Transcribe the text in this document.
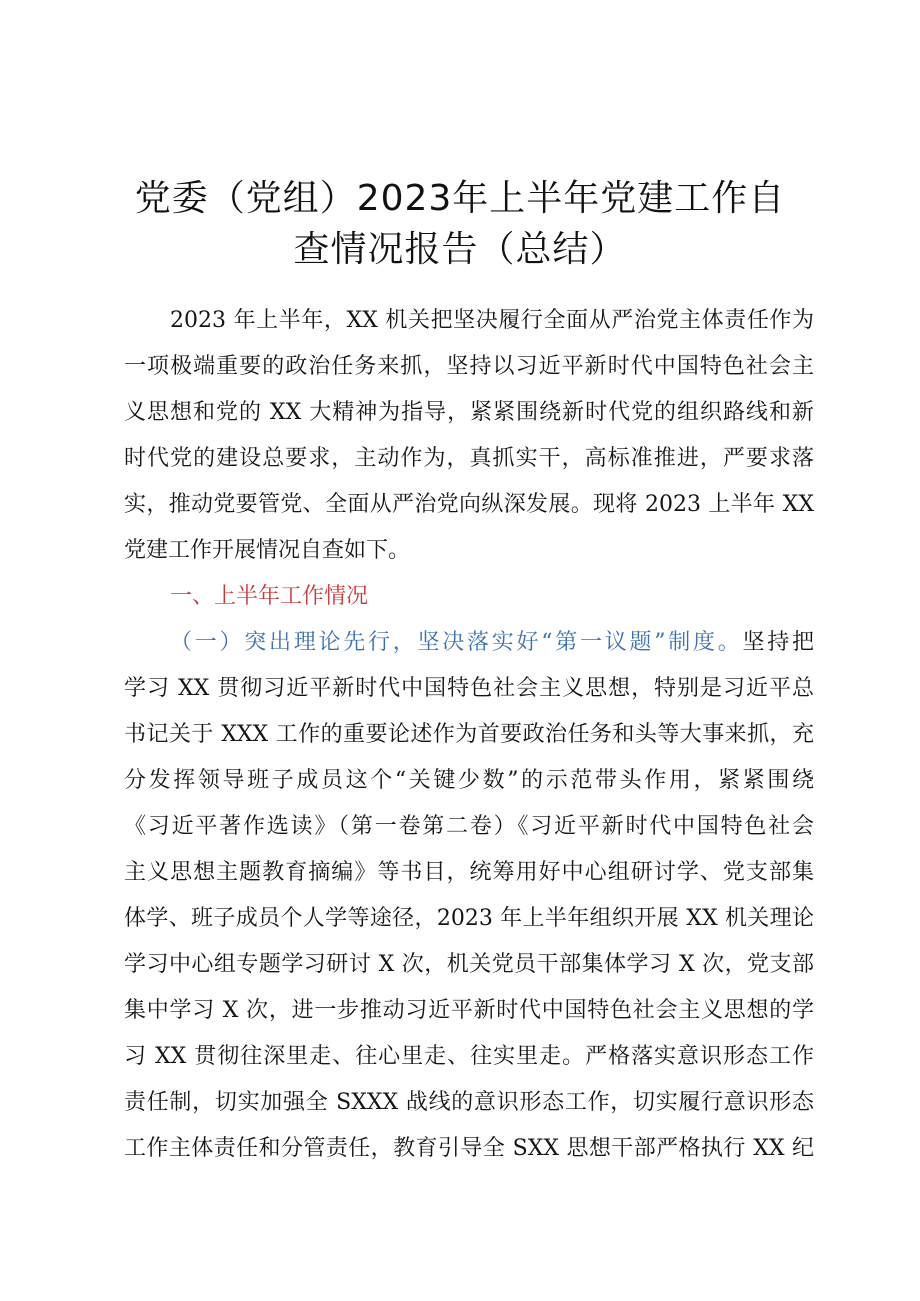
党委（党组）2023年上半年党建工作自
查情况报告（总结）
2023 年上半年，XX 机关把坚决履行全面从严治党主体责任作为
一项极端重要的政治任务来抓，坚持以习近平新时代中国特色社会主
义思想和党的 XX 大精神为指导，紧紧围绕新时代党的组织路线和新
时代党的建设总要求，主动作为，真抓实干，高标准推进，严要求落
实，推动党要管党、全面从严治党向纵深发展。现将 2023 上半年 XX
党建工作开展情况自查如下。
一、上半年工作情况
（一）突出理论先行，坚决落实好“第一议题”制度。坚持把
学习 XX 贯彻习近平新时代中国特色社会主义思想，特别是习近平总
书记关于 XXX 工作的重要论述作为首要政治任务和头等大事来抓，充
分发挥领导班子成员这个“关键少数”的示范带头作用，紧紧围绕
《习近平著作选读》（第一卷第二卷）《习近平新时代中国特色社会
主义思想主题教育摘编》等书目，统筹用好中心组研讨学、党支部集
体学、班子成员个人学等途径，2023 年上半年组织开展 XX 机关理论
学习中心组专题学习研讨 X 次，机关党员干部集体学习 X 次，党支部
集中学习 X 次，进一步推动习近平新时代中国特色社会主义思想的学
习 XX 贯彻往深里走、往心里走、往实里走。严格落实意识形态工作
责任制，切实加强全 SXXX 战线的意识形态工作，切实履行意识形态
工作主体责任和分管责任，教育引导全 SXX 思想干部严格执行 XX 纪
